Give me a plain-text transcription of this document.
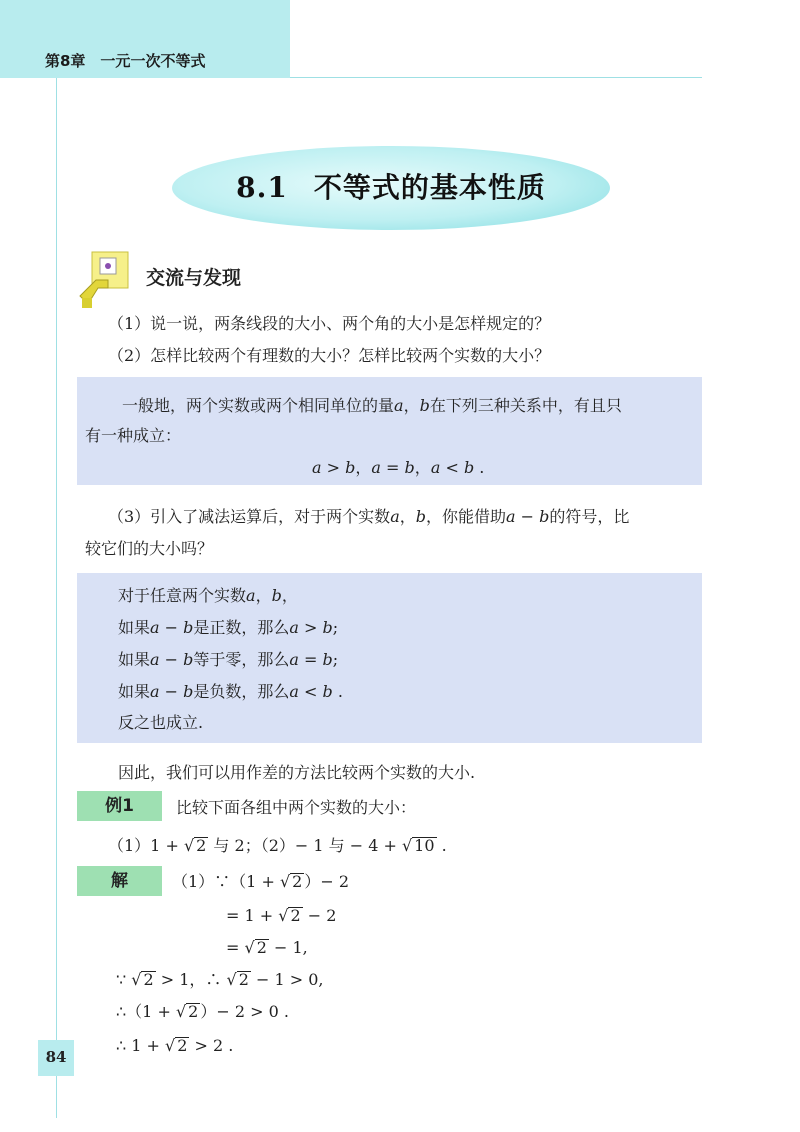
第8章　一元一次不等式
84
8.1 不等式的基本性质
交流与发现
（1）说一说，两条线段的大小、两个角的大小是怎样规定的？
（2）怎样比较两个有理数的大小？怎样比较两个实数的大小？
一般地，两个实数或两个相同单位的量a，b在下列三种关系中，有且只
有一种成立：
a > b，a = b，a < b .
（3）引入了减法运算后，对于两个实数a，b，你能借助a − b的符号，比
较它们的大小吗？
对于任意两个实数a，b，
如果a − b是正数，那么a > b;
如果a − b等于零，那么a = b;
如果a − b是负数，那么a < b .
反之也成立.
因此，我们可以用作差的方法比较两个实数的大小.
例1	比较下面各组中两个实数的大小：
（1）1 + √ 2 与 2；（2）− 1 与 − 4 + √ 10 .
解	（1）∵（1 + √ 2 ）− 2
= 1 + √ 2 − 2
= √ 2 − 1,
∵ √ 2 > 1，∴ √ 2 − 1 > 0,
∴（1 + √ 2 ）− 2 > 0 .
∴ 1 + √ 2 > 2 .
